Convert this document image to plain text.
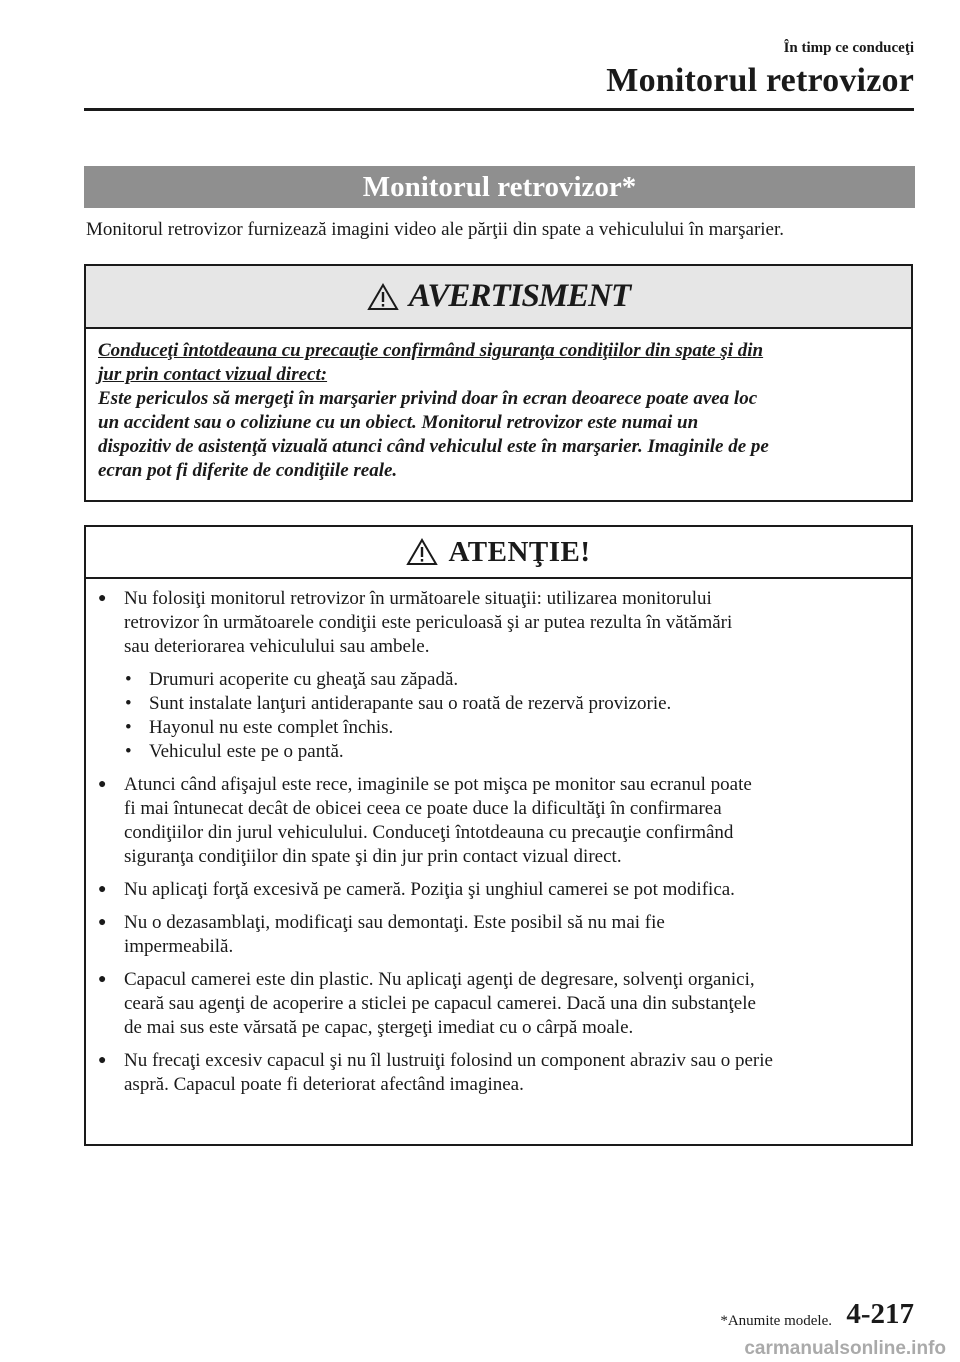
În timp ce conduceţi
Monitorul retrovizor
Monitorul retrovizor*
Monitorul retrovizor furnizează imagini video ale părţii din spate a vehiculului în marşarier.
AVERTISMENT
Conduceţi întotdeauna cu precauţie confirmând siguranţa condiţiilor din spate şi din
jur prin contact vizual direct:
Este periculos să mergeţi în marşarier privind doar în ecran deoarece poate avea loc
un accident sau o coliziune cu un obiect. Monitorul retrovizor este numai un
dispozitiv de asistenţă vizuală atunci când vehiculul este în marşarier. Imaginile de pe
ecran pot fi diferite de condiţiile reale.
ATENŢIE!
● Nu folosiţi monitorul retrovizor în următoarele situaţii: utilizarea monitorului
retrovizor în următoarele condiţii este periculoasă şi ar putea rezulta în vătămări
sau deteriorarea vehiculului sau ambele.
• Drumuri acoperite cu gheaţă sau zăpadă.
• Sunt instalate lanţuri antiderapante sau o roată de rezervă provizorie.
• Hayonul nu este complet închis.
• Vehiculul este pe o pantă.
● Atunci când afişajul este rece, imaginile se pot mişca pe monitor sau ecranul poate
fi mai întunecat decât de obicei ceea ce poate duce la dificultăţi în confirmarea
condiţiilor din jurul vehiculului. Conduceţi întotdeauna cu precauţie confirmând
siguranţa condiţiilor din spate şi din jur prin contact vizual direct.
● Nu aplicaţi forţă excesivă pe cameră. Poziţia şi unghiul camerei se pot modifica.
● Nu o dezasamblaţi, modificaţi sau demontaţi. Este posibil să nu mai fie
impermeabilă.
● Capacul camerei este din plastic. Nu aplicaţi agenţi de degresare, solvenţi organici,
ceară sau agenţi de acoperire a sticlei pe capacul camerei. Dacă una din substanţele
de mai sus este vărsată pe capac, ştergeţi imediat cu o cârpă moale.
● Nu frecaţi excesiv capacul şi nu îl lustruiţi folosind un component abraziv sau o perie
aspră. Capacul poate fi deteriorat afectând imaginea.
*Anumite modele. 4-217
carmanualsonline.info
